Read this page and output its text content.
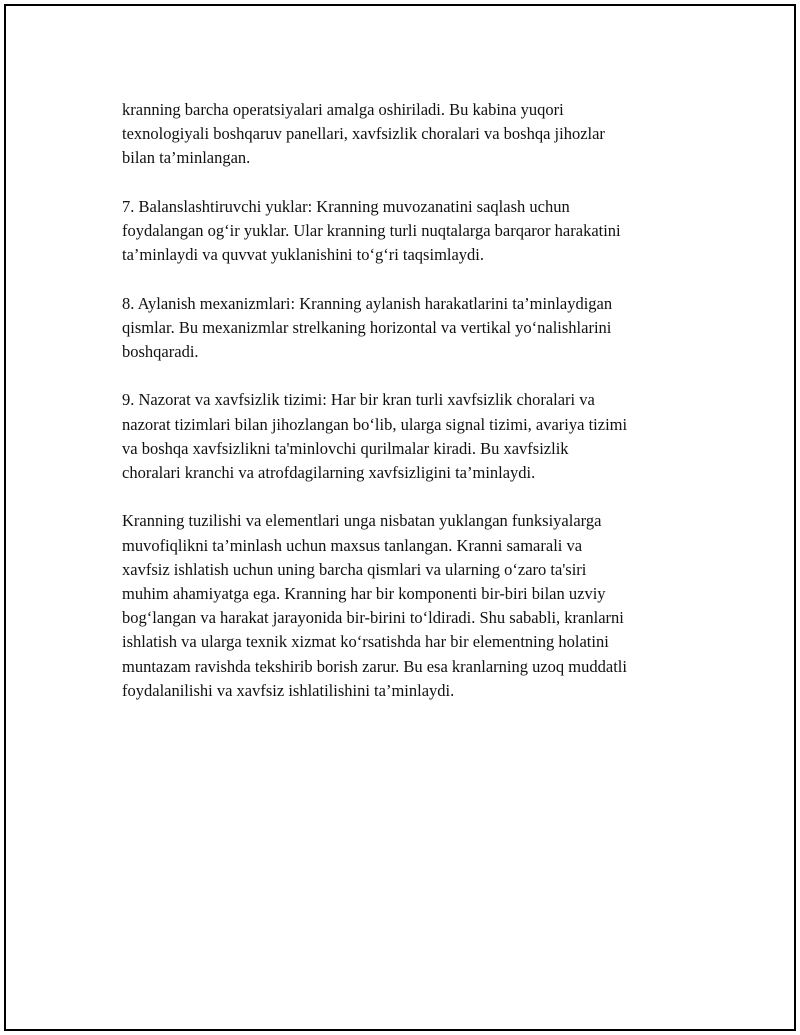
kranning barcha operatsiyalari amalga oshiriladi. Bu kabina yuqori
texnologiyali boshqaruv panellari, xavfsizlik choralari va boshqa jihozlar
bilan ta’minlangan.

7. Balanslashtiruvchi yuklar: Kranning muvozanatini saqlash uchun
foydalangan og‘ir yuklar. Ular kranning turli nuqtalarga barqaror harakatini
ta’minlaydi va quvvat yuklanishini to‘g‘ri taqsimlaydi.

8. Aylanish mexanizmlari: Kranning aylanish harakatlarini ta’minlaydigan
qismlar. Bu mexanizmlar strelkaning horizontal va vertikal yo‘nalishlarini
boshqaradi.

9. Nazorat va xavfsizlik tizimi: Har bir kran turli xavfsizlik choralari va
nazorat tizimlari bilan jihozlangan bo‘lib, ularga signal tizimi, avariya tizimi
va boshqa xavfsizlikni ta'minlovchi qurilmalar kiradi. Bu xavfsizlik
choralari kranchi va atrofdagilarning xavfsizligini ta’minlaydi.

Kranning tuzilishi va elementlari unga nisbatan yuklangan funksiyalarga
muvofiqlikni ta’minlash uchun maxsus tanlangan. Kranni samarali va
xavfsiz ishlatish uchun uning barcha qismlari va ularning o‘zaro ta'siri
muhim ahamiyatga ega. Kranning har bir komponenti bir-biri bilan uzviy
bog‘langan va harakat jarayonida bir-birini to‘ldiradi. Shu sababli, kranlarni
ishlatish va ularga texnik xizmat ko‘rsatishda har bir elementning holatini
muntazam ravishda tekshirib borish zarur. Bu esa kranlarning uzoq muddatli
foydalanilishi va xavfsiz ishlatilishini ta’minlaydi.
